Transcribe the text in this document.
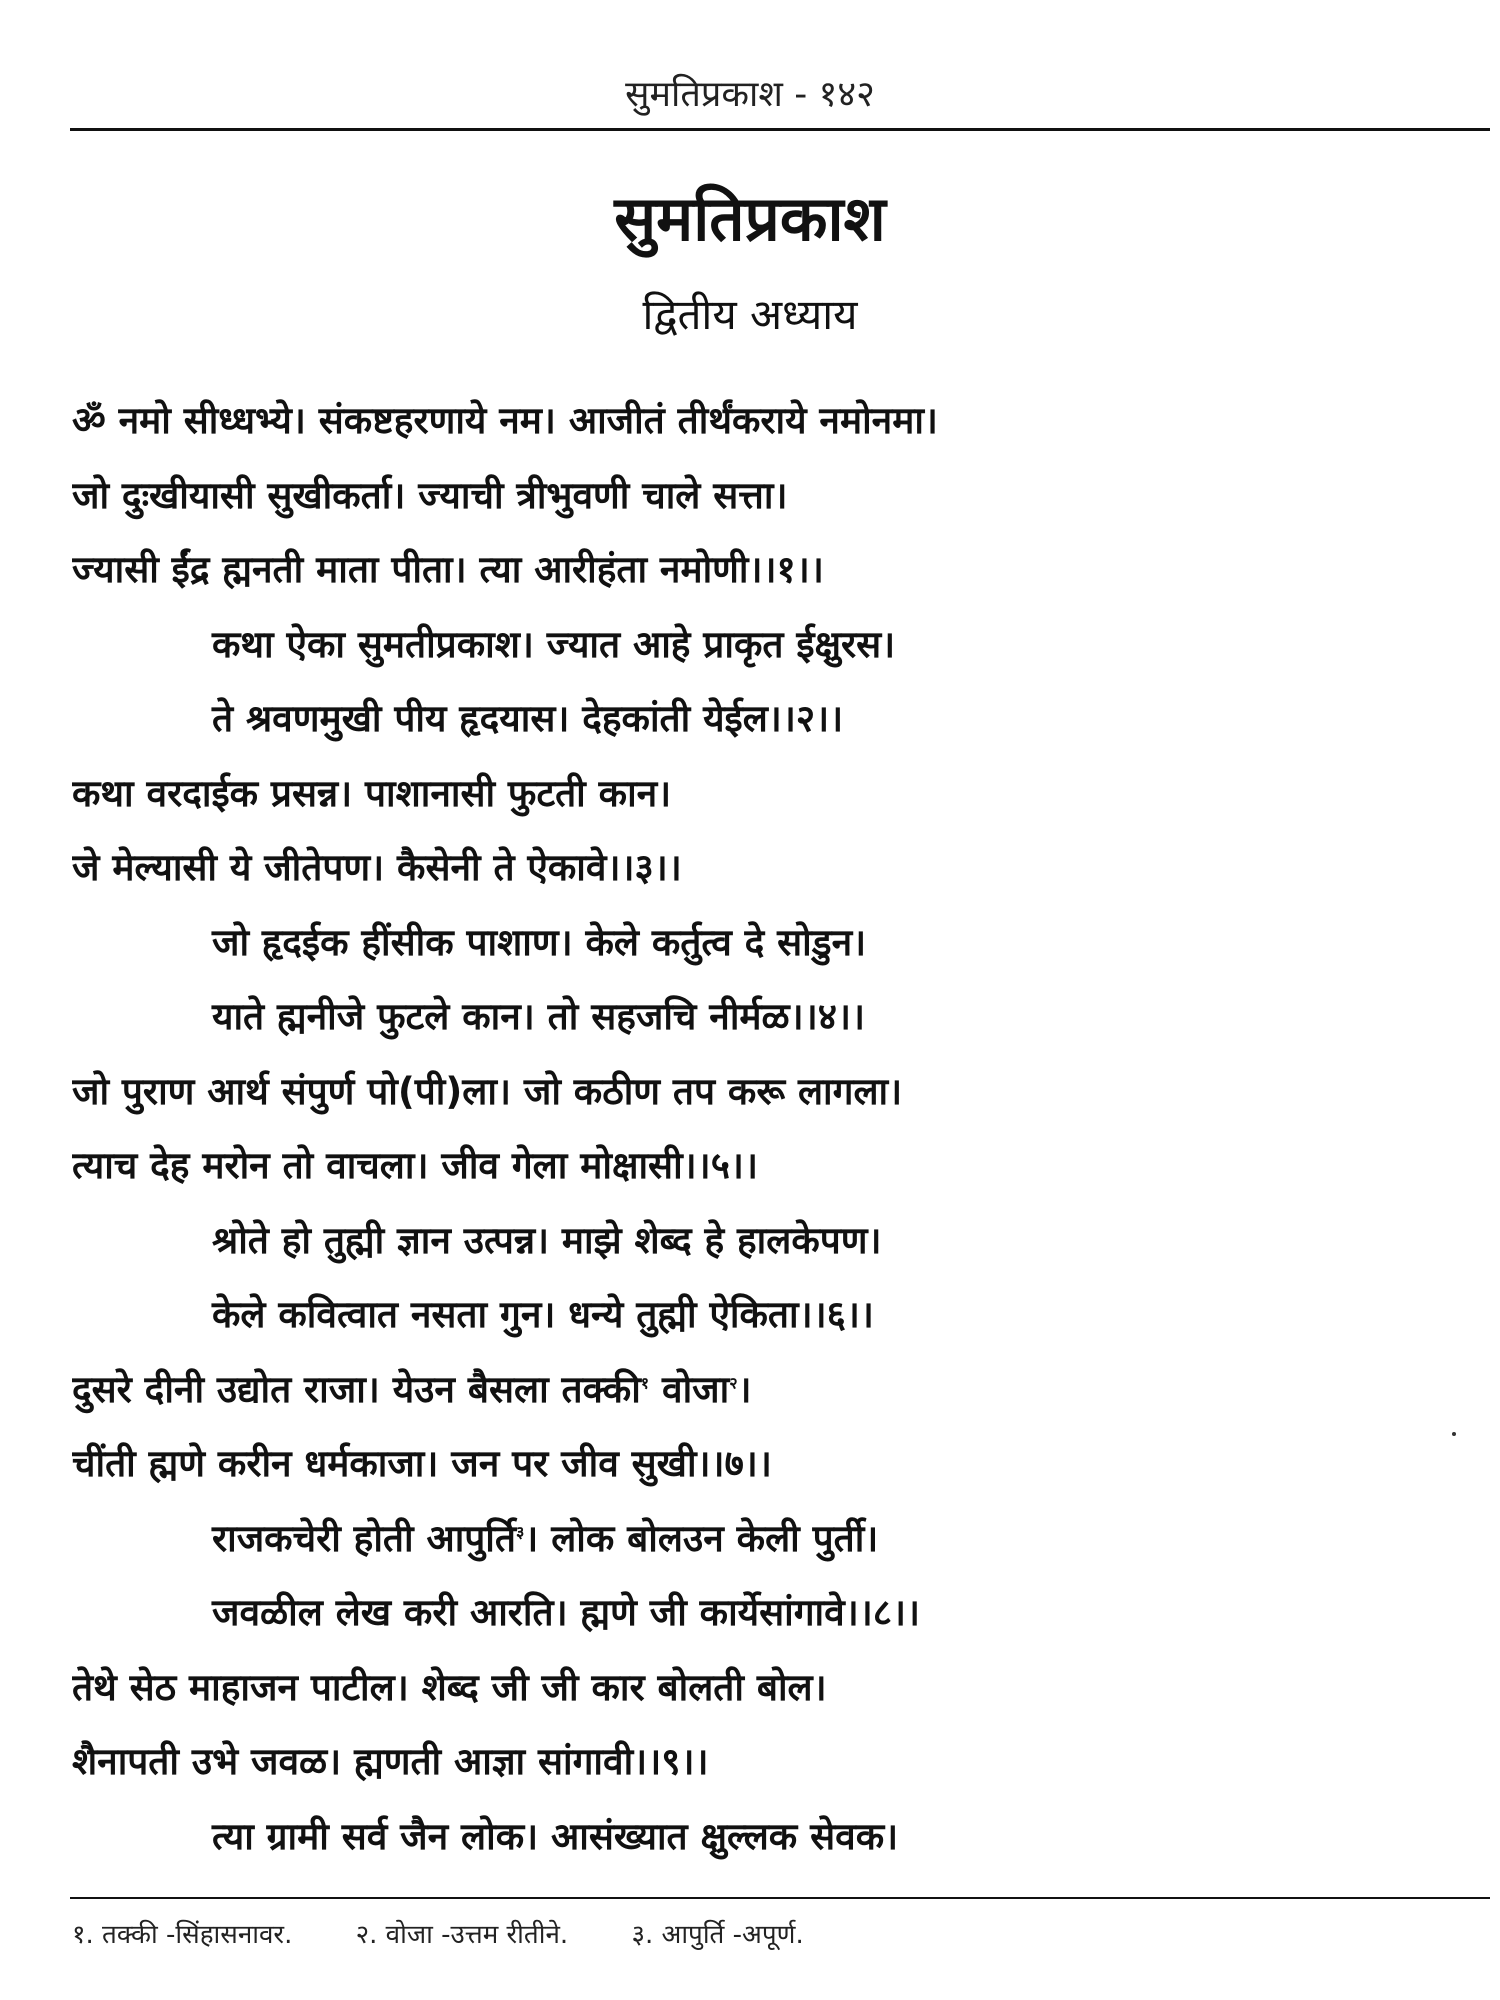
सुमतिप्रकाश - १४२
सुमतिप्रकाश
द्वितीय अध्याय
ॐ नमो सीध्धभ्ये। संकष्टहरणाये नम। आजीतं तीर्थंकराये नमोनमा।
जो दुःखीयासी सुखीकर्ता। ज्याची त्रीभुवणी चाले सत्ता।
ज्यासी ईंद्र ह्मनती माता पीता। त्या आरीहंता नमोणी।।१।।
कथा ऐका सुमतीप्रकाश। ज्यात आहे प्राकृत ईक्षुरस।
ते श्रवणमुखी पीय हृदयास। देहकांती येईल।।२।।
कथा वरदाईक प्रसन्न। पाशानासी फुटती कान।
जे मेल्यासी ये जीतेपण। कैसेनी ते ऐकावे।।३।।
जो हृदईक हींसीक पाशाण। केले कर्तुत्व दे सोडुन।
याते ह्मनीजे फुटले कान। तो सहजचि नीर्मळ।।४।।
जो पुराण आर्थ संपुर्ण पो(पी)ला। जो कठीण तप करू लागला।
त्याच देह मरोन तो वाचला। जीव गेला मोक्षासी।।५।।
श्रोते हो तुह्मी ज्ञान उत्पन्न। माझे शेब्द हे हालकेपण।
केले कवित्वात नसता गुन। धन्ये तुह्मी ऐकिता।।६।।
दुसरे दीनी उद्योत राजा। येउन बैसला तक्की$^१$ वोजा$^२$।
चींती ह्मणे करीन धर्मकाजा। जन पर जीव सुखी।।७।।
राजकचेरी होती आपुर्ति$^३$। लोक बोलउन केली पुर्ती।
जवळील लेख करी आरति। ह्मणे जी कार्येसांगावे।।८।।
तेथे सेठ माहाजन पाटील। शेब्द जी जी कार बोलती बोल।
शैनापती उभे जवळ। ह्मणती आज्ञा सांगावी।।९।।
त्या ग्रामी सर्व जैन लोक। आसंख्यात क्षुल्लक सेवक।
१. तक्की -सिंहासनावर. २. वोजा -उत्तम रीतीने. ३. आपुर्ति -अपूर्ण.
